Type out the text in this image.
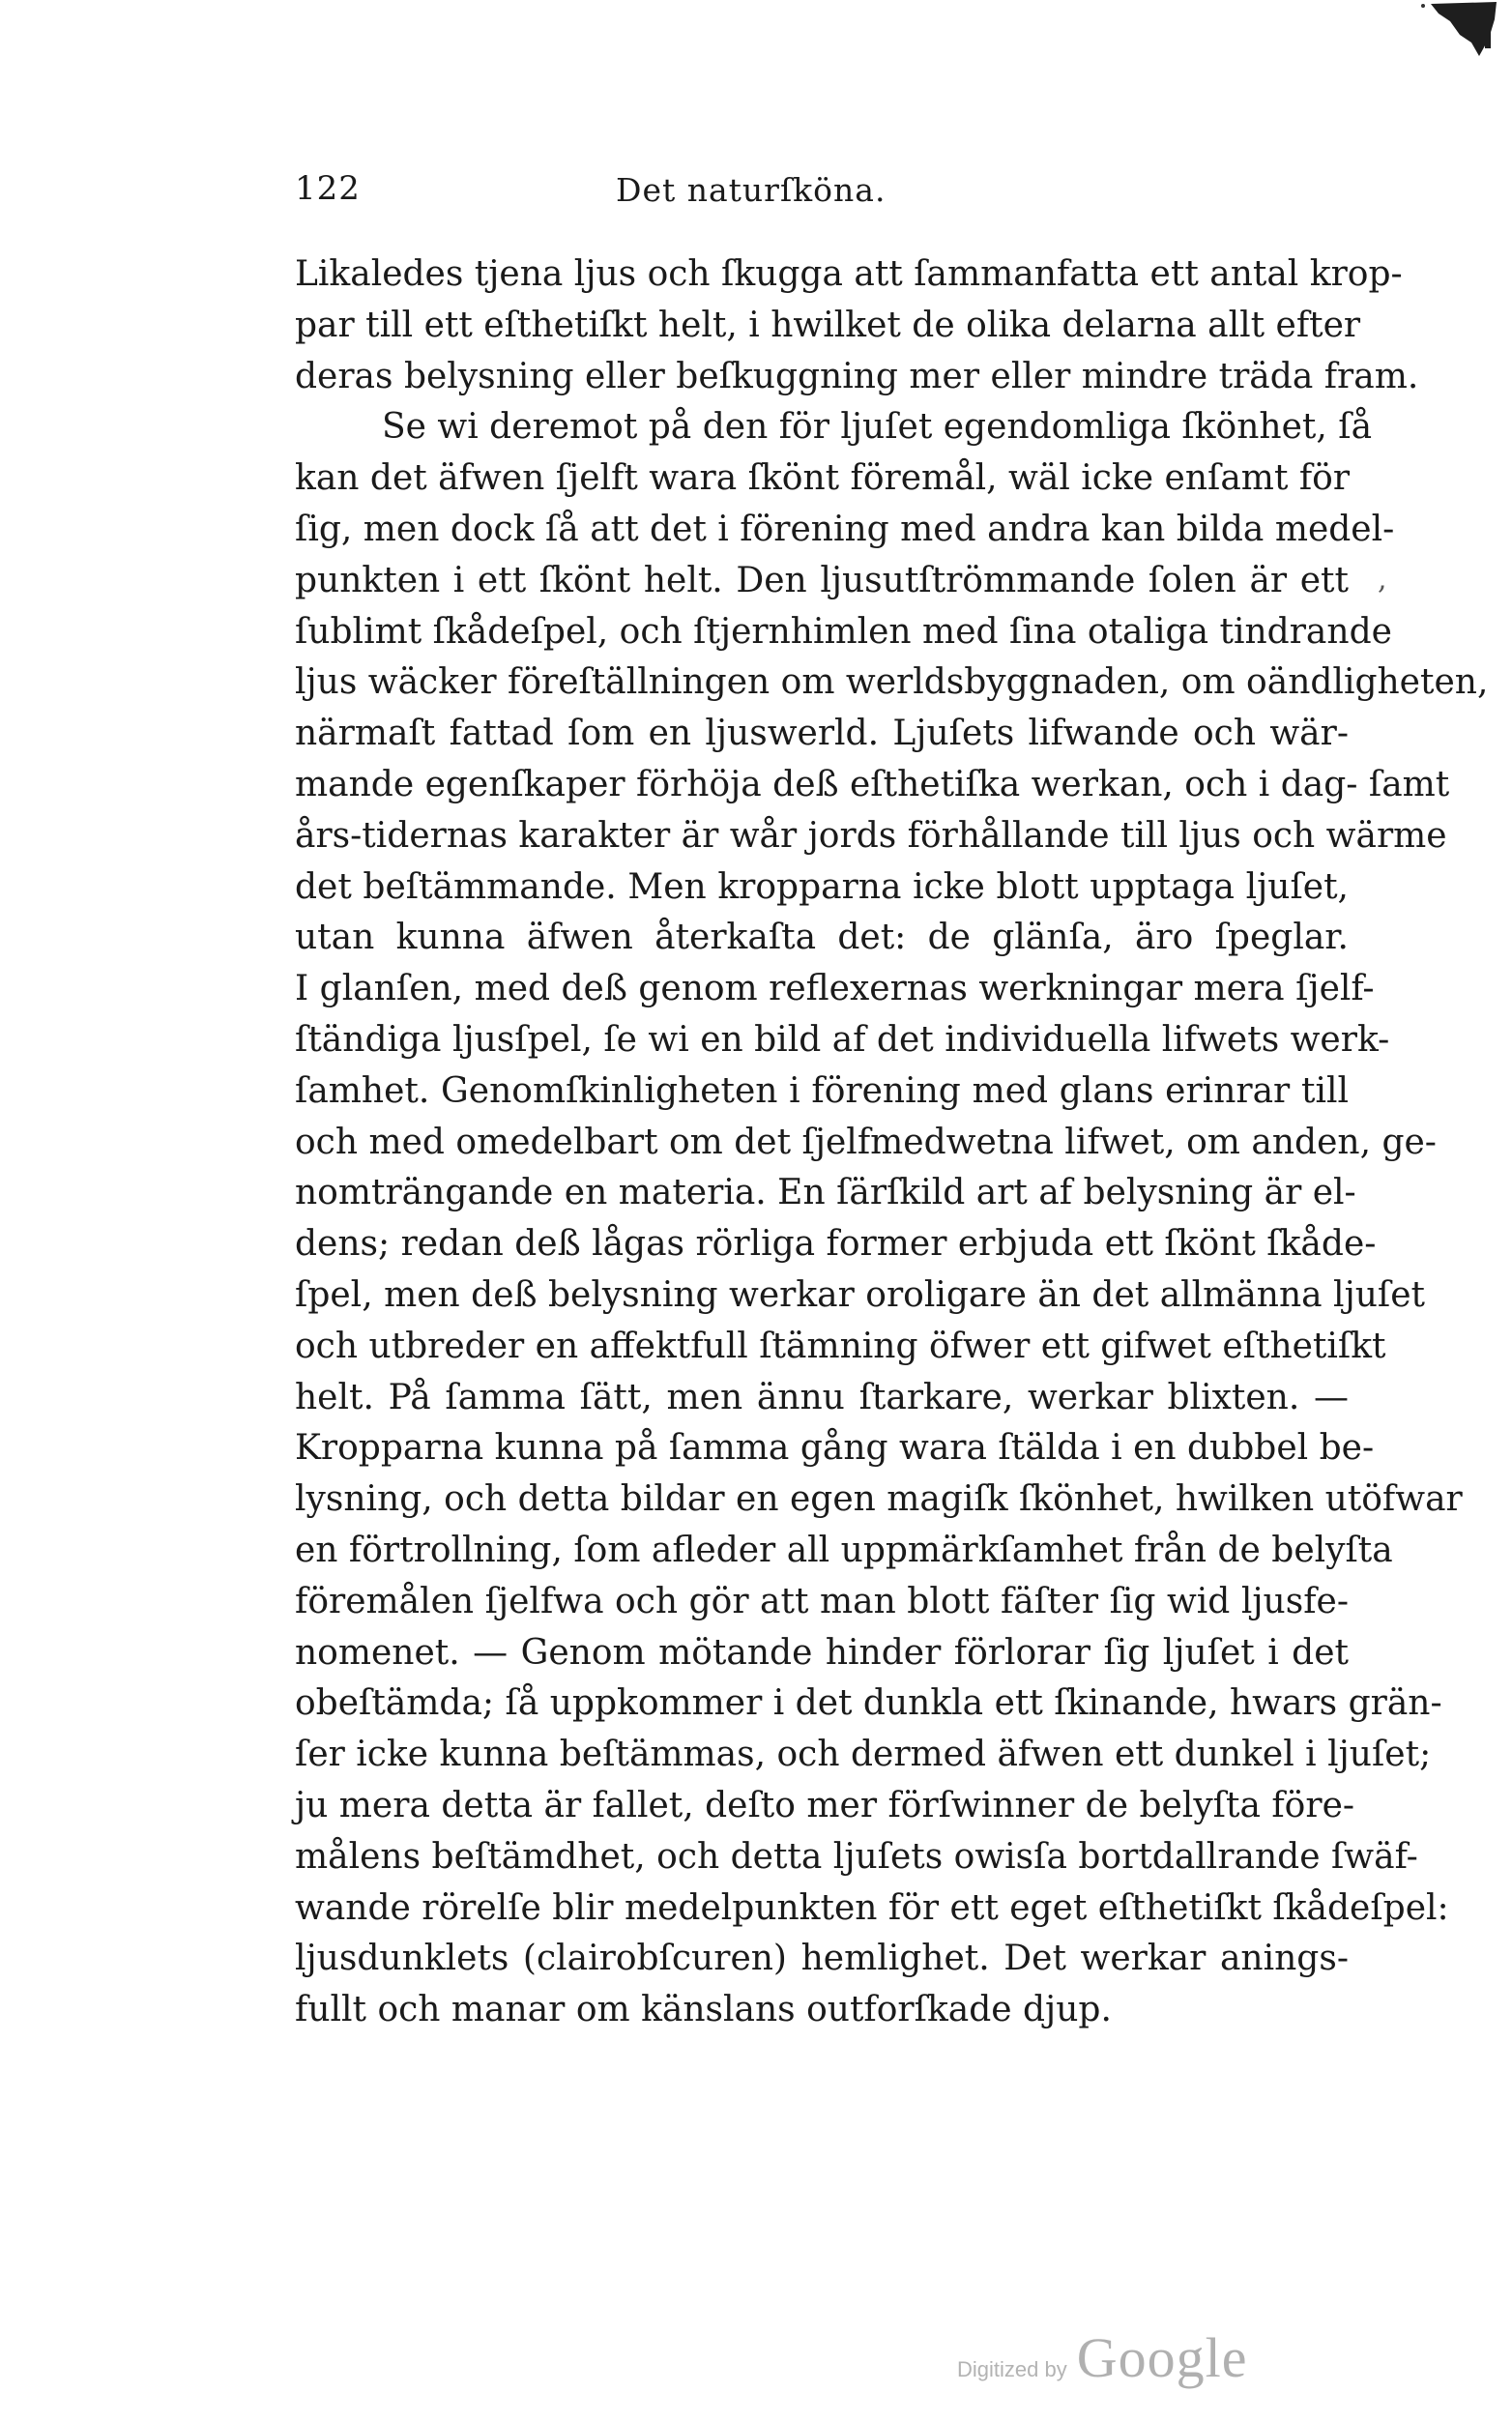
122	Det naturſköna.
Likaledes tjena ljus och ſkugga att ſammanfatta ett antal krop-
par till ett eſthetiſkt helt, i hwilket de olika delarna allt efter
deras belysning eller beſkuggning mer eller mindre träda fram.
Se wi deremot på den för ljuſet egendomliga ſkönhet, ſå
kan det äfwen ſjelft wara ſkönt föremål, wäl icke enſamt för
ſig, men dock ſå att det i förening med andra kan bilda medel-
punkten i ett ſkönt helt. Den ljusutſtrömmande ſolen är ett
ſublimt ſkådeſpel, och ſtjernhimlen med ſina otaliga tindrande
ljus wäcker föreſtällningen om werldsbyggnaden, om oändligheten,
närmaſt fattad ſom en ljuswerld. Ljuſets lifwande och wär-
mande egenſkaper förhöja deß eſthetiſka werkan, och i dag- ſamt
års-tidernas karakter är wår jords förhållande till ljus och wärme
det beſtämmande. Men kropparna icke blott upptaga ljuſet,
utan kunna äfwen återkaſta det: de glänſa, äro ſpeglar.
I glanſen, med deß genom reflexernas werkningar mera ſjelf-
ſtändiga ljusſpel, ſe wi en bild af det individuella lifwets werk-
ſamhet. Genomſkinligheten i förening med glans erinrar till
och med omedelbart om det ſjelfmedwetna lifwet, om anden, ge-
nomträngande en materia. En ſärſkild art af belysning är el-
dens; redan deß lågas rörliga former erbjuda ett ſkönt ſkåde-
ſpel, men deß belysning werkar oroligare än det allmänna ljuſet
och utbreder en affektfull ſtämning öfwer ett gifwet eſthetiſkt
helt. På ſamma ſätt, men ännu ſtarkare, werkar blixten. —
Kropparna kunna på ſamma gång wara ſtälda i en dubbel be-
lysning, och detta bildar en egen magiſk ſkönhet, hwilken utöfwar
en förtrollning, ſom afleder all uppmärkſamhet från de belyſta
föremålen ſjelfwa och gör att man blott fäſter ſig wid ljusfe-
nomenet. — Genom mötande hinder förlorar ſig ljuſet i det
obeſtämda; ſå uppkommer i det dunkla ett ſkinande, hwars grän-
ſer icke kunna beſtämmas, och dermed äfwen ett dunkel i ljuſet;
ju mera detta är fallet, deſto mer förſwinner de belyſta före-
målens beſtämdhet, och detta ljuſets owisſa bortdallrande ſwäf-
wande rörelſe blir medelpunkten för ett eget eſthetiſkt ſkådeſpel:
ljusdunklets (clairobſcuren) hemlighet. Det werkar anings-
fullt och manar om känslans outforſkade djup.
,
Digitized by Google
